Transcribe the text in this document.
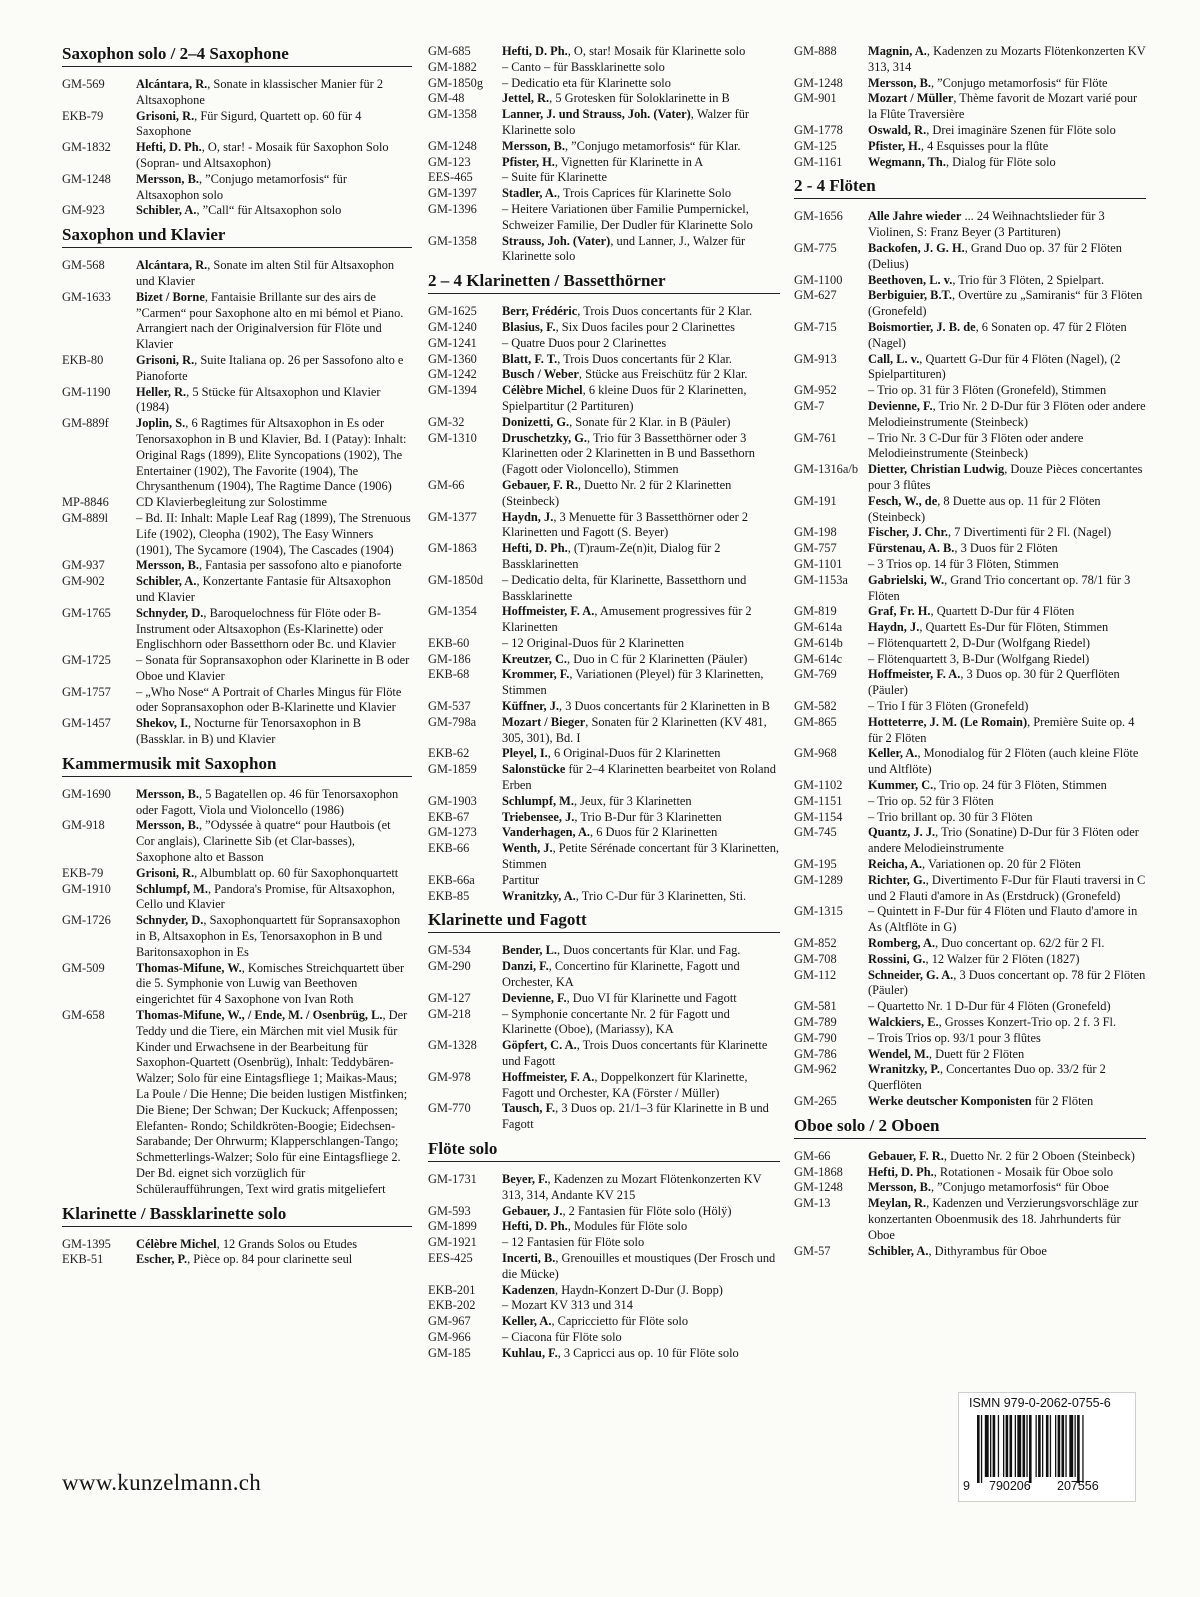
Saxophon solo / 2–4 Saxophone
GM-569	Alcántara, R., Sonate in klassischer Manier für 2 Altsaxophone
EKB-79	Grisoni, R., Für Sigurd, Quartett op. 60 für 4 Saxophone
GM-1832	Hefti, D. Ph., O, star! - Mosaik für Saxophon Solo (Sopran- und Altsaxophon)
GM-1248	Mersson, B., ”Conjugo metamorfosis“ für Altsaxophon solo
GM-923	Schibler, A., ”Call“ für Altsaxophon solo
Saxophon und Klavier
GM-568	Alcántara, R., Sonate im alten Stil für Altsaxophon und Klavier
GM-1633	Bizet / Borne, Fantaisie Brillante sur des airs de ”Carmen“ pour Saxophone alto en mi bémol et Piano. Arrangiert nach der Originalversion für Flöte und Klavier
EKB-80	Grisoni, R., Suite Italiana op. 26 per Sassofono alto e Pianoforte
GM-1190	Heller, R., 5 Stücke für Altsaxophon und Klavier (1984)
GM-889f	Joplin, S., 6 Ragtimes für Altsaxophon in Es oder Tenorsaxophon in B und Klavier, Bd. I (Patay): Inhalt: Original Rags (1899), Elite Syncopations (1902), The Entertainer (1902), The Favorite (1904), The Chrysanthenum (1904), The Ragtime Dance (1906)
MP-8846	CD Klavierbegleitung zur Solostimme
GM-889l	– Bd. II: Inhalt: Maple Leaf Rag (1899), The Strenuous Life (1902), Cleopha (1902), The Easy Winners (1901), The Sycamore (1904), The Cascades (1904)
GM-937	Mersson, B., Fantasia per sassofono alto e pianoforte
GM-902	Schibler, A., Konzertante Fantasie für Altsaxophon und Klavier
GM-1765	Schnyder, D., Baroquelochness für Flöte oder B-Instrument oder Altsaxophon (Es-Klarinette) oder Englischhorn oder Bassetthorn oder Bc. und Klavier
GM-1725	– Sonata für Sopransaxophon oder Klarinette in B oder Oboe und Klavier
GM-1757	– „Who Nose“ A Portrait of Charles Mingus für Flöte oder Sopransaxophon oder B-Klarinette und Klavier
GM-1457	Shekov, I., Nocturne für Tenorsaxophon in B (Bassklar. in B) und Klavier
Kammermusik mit Saxophon
GM-1690	Mersson, B., 5 Bagatellen op. 46 für Tenorsaxophon oder Fagott, Viola und Violoncello (1986)
GM-918	Mersson, B., ”Odyssée à quatre“ pour Hautbois (et Cor anglais), Clarinette Sib (et Clar-basses), Saxophone alto et Basson
EKB-79	Grisoni, R., Albumblatt op. 60 für Saxophonquartett
GM-1910	Schlumpf, M., Pandora's Promise, für Altsaxophon, Cello und Klavier
GM-1726	Schnyder, D., Saxophonquartett für Sopransaxophon in B, Altsaxophon in Es, Tenorsaxophon in B und Baritonsaxophon in Es
GM-509	Thomas-Mifune, W., Komisches Streichquartett über die 5. Symphonie von Luwig van Beethoven eingerichtet für 4 Saxophone von Ivan Roth
GM-658	Thomas-Mifune, W., / Ende, M. / Osenbrüg, L., Der Teddy und die Tiere, ein Märchen mit viel Musik für Kinder und Erwachsene in der Bearbeitung für Saxophon-Quartett (Osenbrüg), Inhalt: Teddybären-Walzer; Solo für eine Eintagsfliege 1; Maikas-Maus; La Poule / Die Henne; Die beiden lustigen Mistfinken; Die Biene; Der Schwan; Der Kuckuck; Affenpossen; Elefanten- Rondo; Schildkröten-Boogie; Eidechsen-Sarabande; Der Ohrwurm; Klapperschlangen-Tango; Schmetterlings-Walzer; Solo für eine Eintagsfliege 2. Der Bd. eignet sich vorzüglich für Schüleraufführungen, Text wird gratis mitgeliefert
Klarinette / Bassklarinette solo
GM-1395	Célèbre Michel, 12 Grands Solos ou Etudes
EKB-51	Escher, P., Pièce op. 84 pour clarinette seul
GM-685	Hefti, D. Ph., O, star! Mosaik für Klarinette solo
GM-1882	– Canto – für Bassklarinette solo
GM-1850g	– Dedicatio eta für Klarinette solo
GM-48	Jettel, R., 5 Grotesken für Soloklarinette in B
GM-1358	Lanner, J. und Strauss, Joh. (Vater), Walzer für Klarinette solo
GM-1248	Mersson, B., ”Conjugo metamorfosis“ für Klar.
GM-123	Pfister, H., Vignetten für Klarinette in A
EES-465	– Suite für Klarinette
GM-1397	Stadler, A., Trois Caprices für Klarinette Solo
GM-1396	– Heitere Variationen über Familie Pumpernickel, Schweizer Familie, Der Dudler für Klarinette Solo
GM-1358	Strauss, Joh. (Vater), und Lanner, J., Walzer für Klarinette solo
2 – 4 Klarinetten / Bassetthörner
GM-1625	Berr, Frédéric, Trois Duos concertants für 2 Klar.
GM-1240	Blasius, F., Six Duos faciles pour 2 Clarinettes
GM-1241	– Quatre Duos pour 2 Clarinettes
GM-1360	Blatt, F. T., Trois Duos concertants für 2 Klar.
GM-1242	Busch / Weber, Stücke aus Freischütz für 2 Klar.
GM-1394	Célèbre Michel, 6 kleine Duos für 2 Klarinetten, Spielpartitur (2 Partituren)
GM-32	Donizetti, G., Sonate für 2 Klar. in B (Päuler)
GM-1310	Druschetzky, G., Trio für 3 Bassetthörner oder 3 Klarinetten oder 2 Klarinetten in B und Bassethorn (Fagott oder Violoncello), Stimmen
GM-66	Gebauer, F. R., Duetto Nr. 2 für 2 Klarinetten (Steinbeck)
GM-1377	Haydn, J., 3 Menuette für 3 Bassetthörner oder 2 Klarinetten und Fagott (S. Beyer)
GM-1863	Hefti, D. Ph., (T)raum-Ze(n)it, Dialog für 2 Bassklarinetten
GM-1850d	– Dedicatio delta, für Klarinette, Bassetthorn und Bassklarinette
GM-1354	Hoffmeister, F. A., Amusement progressives für 2 Klarinetten
EKB-60	– 12 Original-Duos für 2 Klarinetten
GM-186	Kreutzer, C., Duo in C für 2 Klarinetten (Päuler)
EKB-68	Krommer, F., Variationen (Pleyel) für 3 Klarinetten, Stimmen
GM-537	Küffner, J., 3 Duos concertants für 2 Klarinetten in B
GM-798a	Mozart / Bieger, Sonaten für 2 Klarinetten (KV 481, 305, 301), Bd. I
EKB-62	Pleyel, I., 6 Original-Duos für 2 Klarinetten
GM-1859	Salonstücke für 2–4 Klarinetten bearbeitet von Roland Erben
GM-1903	Schlumpf, M., Jeux, für 3 Klarinetten
EKB-67	Triebensee, J., Trio B-Dur für 3 Klarinetten
GM-1273	Vanderhagen, A., 6 Duos für 2 Klarinetten
EKB-66	Wenth, J., Petite Sérénade concertant für 3 Klarinetten, Stimmen
EKB-66a	Partitur
EKB-85	Wranitzky, A., Trio C-Dur für 3 Klarinetten, Sti.
Klarinette und Fagott
GM-534	Bender, L., Duos concertants für Klar. und Fag.
GM-290	Danzi, F., Concertino für Klarinette, Fagott und Orchester, KA
GM-127	Devienne, F., Duo VI für Klarinette und Fagott
GM-218	– Symphonie concertante Nr. 2 für Fagott und Klarinette (Oboe), (Mariassy), KA
GM-1328	Göpfert, C. A., Trois Duos concertants für Klarinette und Fagott
GM-978	Hoffmeister, F. A., Doppelkonzert für Klarinette, Fagott und Orchester, KA (Förster / Müller)
GM-770	Tausch, F., 3 Duos op. 21/1–3 für Klarinette in B und Fagott
Flöte solo
GM-1731	Beyer, F., Kadenzen zu Mozart Flötenkonzerten KV 313, 314, Andante KV 215
GM-593	Gebauer, J., 2 Fantasien für Flöte solo (Hölÿ)
GM-1899	Hefti, D. Ph., Modules für Flöte solo
GM-1921	– 12 Fantasien für Flöte solo
EES-425	Incerti, B., Grenouilles et moustiques (Der Frosch und die Mücke)
EKB-201	Kadenzen, Haydn-Konzert D-Dur (J. Bopp)
EKB-202	– Mozart KV 313 und 314
GM-967	Keller, A., Capriccietto für Flöte solo
GM-966	– Ciacona für Flöte solo
GM-185	Kuhlau, F., 3 Capricci aus op. 10 für Flöte solo
GM-888	Magnin, A., Kadenzen zu Mozarts Flötenkonzerten KV 313, 314
GM-1248	Mersson, B., ”Conjugo metamorfosis“ für Flöte
GM-901	Mozart / Müller, Thème favorit de Mozart varié pour la Flûte Traversière
GM-1778	Oswald, R., Drei imaginäre Szenen für Flöte solo
GM-125	Pfister, H., 4 Esquisses pour la flûte
GM-1161	Wegmann, Th., Dialog für Flöte solo
2 - 4 Flöten
GM-1656	Alle Jahre wieder ... 24 Weihnachtslieder für 3 Violinen, S: Franz Beyer (3 Partituren)
GM-775	Backofen, J. G. H., Grand Duo op. 37 für 2 Flöten (Delius)
GM-1100	Beethoven, L. v., Trio für 3 Flöten, 2 Spielpart.
GM-627	Berbiguier, B.T., Overtüre zu „Samiranis“ für 3 Flöten (Gronefeld)
GM-715	Boismortier, J. B. de, 6 Sonaten op. 47 für 2 Flöten (Nagel)
GM-913	Call, L. v., Quartett G-Dur für 4 Flöten (Nagel), (2 Spielpartituren)
GM-952	– Trio op. 31 für 3 Flöten (Gronefeld), Stimmen
GM-7	Devienne, F., Trio Nr. 2 D-Dur für 3 Flöten oder andere Melodieinstrumente (Steinbeck)
GM-761	– Trio Nr. 3 C-Dur für 3 Flöten oder andere Melodieinstrumente (Steinbeck)
GM-1316a/b Dietter, Christian Ludwig, Douze Pièces concertantes pour 3 flûtes
GM-191	Fesch, W., de, 8 Duette aus op. 11 für 2 Flöten (Steinbeck)
GM-198	Fischer, J. Chr., 7 Divertimenti für 2 Fl. (Nagel)
GM-757	Fürstenau, A. B., 3 Duos für 2 Flöten
GM-1101	– 3 Trios op. 14 für 3 Flöten, Stimmen
GM-1153a	Gabrielski, W., Grand Trio concertant op. 78/1 für 3 Flöten
GM-819	Graf, Fr. H., Quartett D-Dur für 4 Flöten
GM-614a	Haydn, J., Quartett Es-Dur für Flöten, Stimmen
GM-614b	– Flötenquartett 2, D-Dur (Wolfgang Riedel)
GM-614c	– Flötenquartett 3, B-Dur (Wolfgang Riedel)
GM-769	Hoffmeister, F. A., 3 Duos op. 30 für 2 Querflöten (Päuler)
GM-582	– Trio I für 3 Flöten (Gronefeld)
GM-865	Hotteterre, J. M. (Le Romain), Première Suite op. 4 für 2 Flöten
GM-968	Keller, A., Monodialog für 2 Flöten (auch kleine Flöte und Altflöte)
GM-1102	Kummer, C., Trio op. 24 für 3 Flöten, Stimmen
GM-1151	– Trio op. 52 für 3 Flöten
GM-1154	– Trio brillant op. 30 für 3 Flöten
GM-745	Quantz, J. J., Trio (Sonatine) D-Dur für 3 Flöten oder andere Melodieinstrumente
GM-195	Reicha, A., Variationen op. 20 für 2 Flöten
GM-1289	Richter, G., Divertimento F-Dur für Flauti traversi in C und 2 Flauti d'amore in As (Erstdruck) (Gronefeld)
GM-1315	– Quintett in F-Dur für 4 Flöten und Flauto d'amore in As (Altflöte in G)
GM-852	Romberg, A., Duo concertant op. 62/2 für 2 Fl.
GM-708	Rossini, G., 12 Walzer für 2 Flöten (1827)
GM-112	Schneider, G. A., 3 Duos concertant op. 78 für 2 Flöten (Päuler)
GM-581	– Quartetto Nr. 1 D-Dur für 4 Flöten (Gronefeld)
GM-789	Walckiers, E., Grosses Konzert-Trio op. 2 f. 3 Fl.
GM-790	– Trois Trios op. 93/1 pour 3 flûtes
GM-786	Wendel, M., Duett für 2 Flöten
GM-962	Wranitzky, P., Concertantes Duo op. 33/2 für 2 Querflöten
GM-265	Werke deutscher Komponisten für 2 Flöten
Oboe solo / 2 Oboen
GM-66	Gebauer, F. R., Duetto Nr. 2 für 2 Oboen (Steinbeck)
GM-1868	Hefti, D. Ph., Rotationen - Mosaik für Oboe solo
GM-1248	Mersson, B., ”Conjugo metamorfosis“ für Oboe
GM-13	Meylan, R., Kadenzen und Verzierungsvorschläge zur konzertanten Oboenmusik des 18. Jahrhunderts für Oboe
GM-57	Schibler, A., Dithyrambus für Oboe
ISMN 979-0-2062-0755-6
9 790206 207556
www.kunzelmann.ch
